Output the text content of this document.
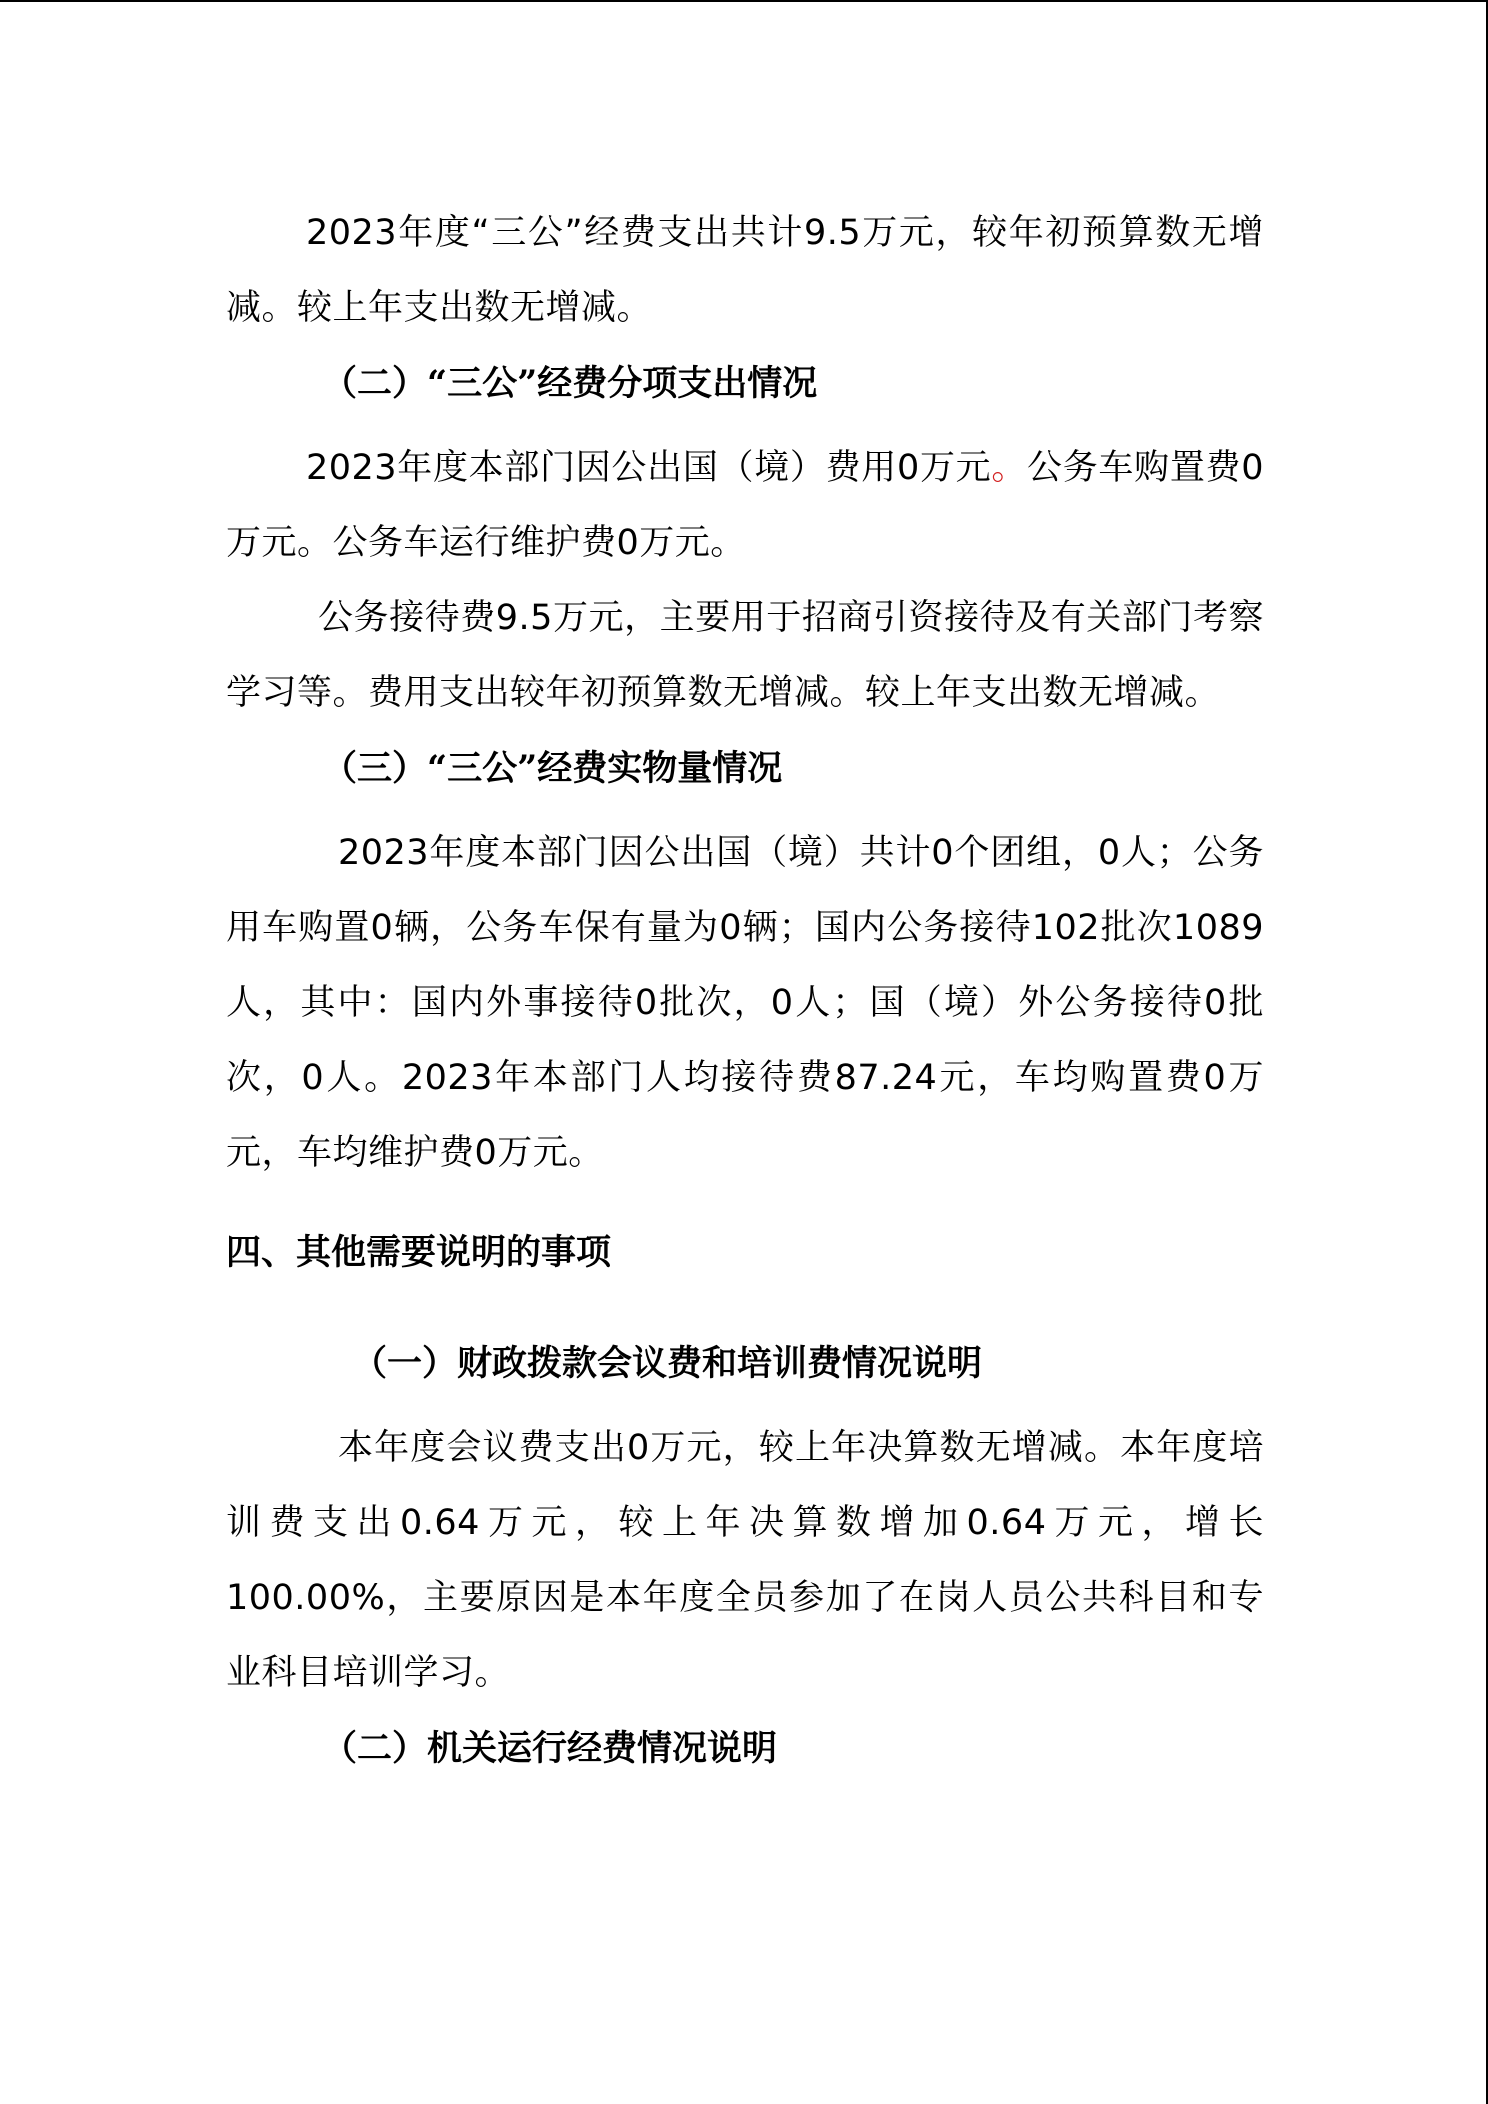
2023年度“三公”经费支出共计9.5万元，较年初预算数无增减。较上年支出数无增减。

（二）“三公”经费分项支出情况

2023年度本部门因公出国（境）费用0万元。公务车购置费0万元。公务车运行维护费0万元。

公务接待费9.5万元，主要用于招商引资接待及有关部门考察学习等。费用支出较年初预算数无增减。较上年支出数无增减。

（三）“三公”经费实物量情况

2023年度本部门因公出国（境）共计0个团组，0人；公务用车购置0辆，公务车保有量为0辆；国内公务接待102批次1089人，其中：国内外事接待0批次，0人；国（境）外公务接待0批次，0人。2023年本部门人均接待费87.24元，车均购置费0万元，车均维护费0万元。

四、其他需要说明的事项
（一）财政拨款会议费和培训费情况说明

本年度会议费支出0万元，较上年决算数无增减。本年度培训费支出0.64万元，较上年决算数增加0.64万元，增长100.00%，主要原因是本年度全员参加了在岗人员公共科目和专业科目培训学习。

（二）机关运行经费情况说明
